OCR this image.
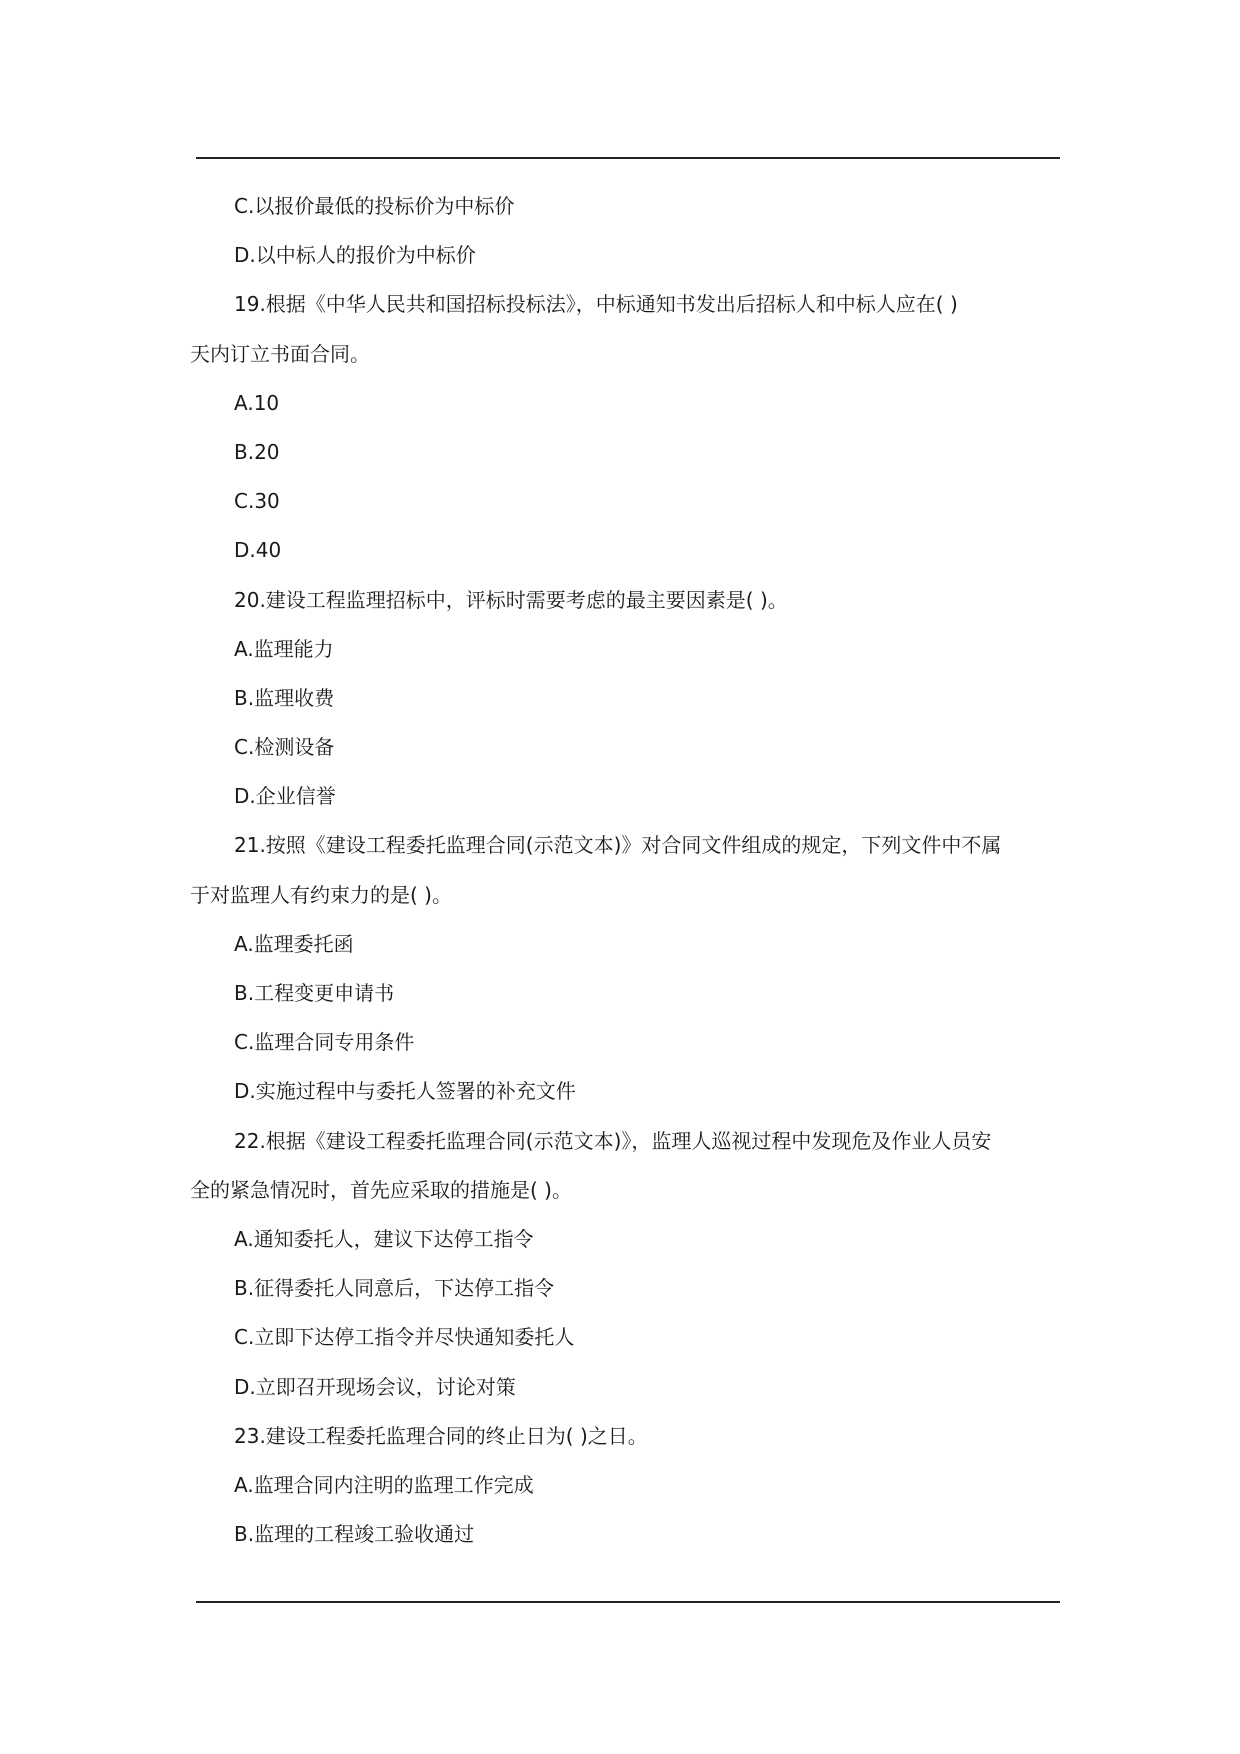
C.以报价最低的投标价为中标价
D.以中标人的报价为中标价
19.根据《中华人民共和国招标投标法》，中标通知书发出后招标人和中标人应在( )
天内订立书面合同。
A.10
B.20
C.30
D.40
20.建设工程监理招标中，评标时需要考虑的最主要因素是( )。
A.监理能力
B.监理收费
C.检测设备
D.企业信誉
21.按照《建设工程委托监理合同(示范文本)》对合同文件组成的规定，下列文件中不属
于对监理人有约束力的是( )。
A.监理委托函
B.工程变更申请书
C.监理合同专用条件
D.实施过程中与委托人签署的补充文件
22.根据《建设工程委托监理合同(示范文本)》，监理人巡视过程中发现危及作业人员安
全的紧急情况时，首先应采取的措施是( )。
A.通知委托人，建议下达停工指令
B.征得委托人同意后，下达停工指令
C.立即下达停工指令并尽快通知委托人
D.立即召开现场会议，讨论对策
23.建设工程委托监理合同的终止日为( )之日。
A.监理合同内注明的监理工作完成
B.监理的工程竣工验收通过
